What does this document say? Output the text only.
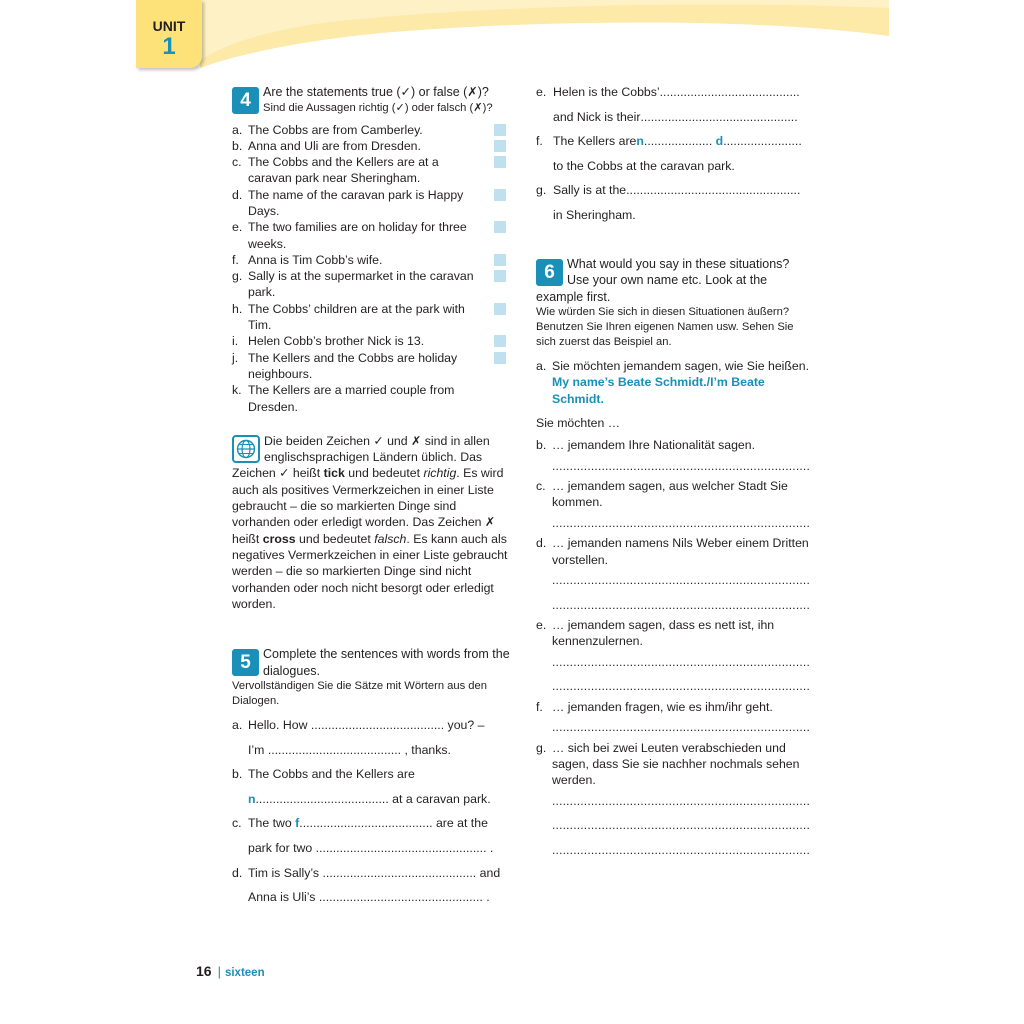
UNIT
1
4 Are the statements true (✓) or false (✗)?
Sind die Aussagen richtig (✓) oder falsch (✗)?
a. The Cobbs are from Camberley.
b. Anna and Uli are from Dresden.
c. The Cobbs and the Kellers are at a caravan park near Sheringham.
d. The name of the caravan park is Happy Days.
e. The two families are on holiday for three weeks.
f. Anna is Tim Cobb’s wife.
g. Sally is at the supermarket in the caravan park.
h. The Cobbs’ children are at the park with Tim.
i. Helen Cobb’s brother Nick is 13.
j. The Kellers and the Cobbs are holiday neighbours.
k. The Kellers are a married couple from Dresden.
Die beiden Zeichen ✓ und ✗ sind in allen englischsprachigen Ländern üblich. Das Zeichen ✓ heißt tick und bedeutet richtig. Es wird auch als positives Vermerkzeichen in einer Liste gebraucht – die so markierten Dinge sind vorhanden oder erledigt worden. Das Zeichen ✗ heißt cross und bedeutet falsch. Es kann auch als negatives Vermerkzeichen in einer Liste gebraucht werden – die so markierten Dinge sind nicht vorhanden oder noch nicht besorgt oder erledigt worden.
5 Complete the sentences with words from the dialogues.
Vervollständigen Sie die Sätze mit Wörtern aus den Dialogen.
a. Hello. How ....................................... you? –
I’m ....................................... , thanks.
b. The Cobbs and the Kellers are
n....................................... at a caravan park.
c. The two f....................................... are at the
park for two .................................................. .
d. Tim is Sally’s ............................................. and
Anna is Uli’s ................................................ .
e. Helen is the Cobbs’ .........................................
and Nick is their ............................................. .
f. The Kellers are n ....................
d .......................
to the Cobbs at the caravan park.
g. Sally is at the ...................................................
in Sheringham.
6 What would you say in these situations? Use your own name etc. Look at the example first.
Wie würden Sie sich in diesen Situationen äußern? Benutzen Sie Ihren eigenen Namen usw. Sehen Sie sich zuerst das Beispiel an.
a. Sie möchten jemandem sagen, wie Sie heißen.
My name’s Beate Schmidt./I’m Beate Schmidt.
Sie möchten …
b. … jemandem Ihre Nationalität sagen.
.........................................................................
c. … jemandem sagen, aus welcher Stadt Sie kommen.
.........................................................................
d. … jemanden namens Nils Weber einem Dritten vorstellen.
.........................................................................
.........................................................................
e. … jemandem sagen, dass es nett ist, ihn kennenzulernen.
.........................................................................
.........................................................................
f. … jemanden fragen, wie es ihm/ihr geht.
.........................................................................
g. … sich bei zwei Leuten verabschieden und sagen, dass Sie sie nachher nochmals sehen werden.
.........................................................................
.........................................................................
.........................................................................
16 | sixteen
